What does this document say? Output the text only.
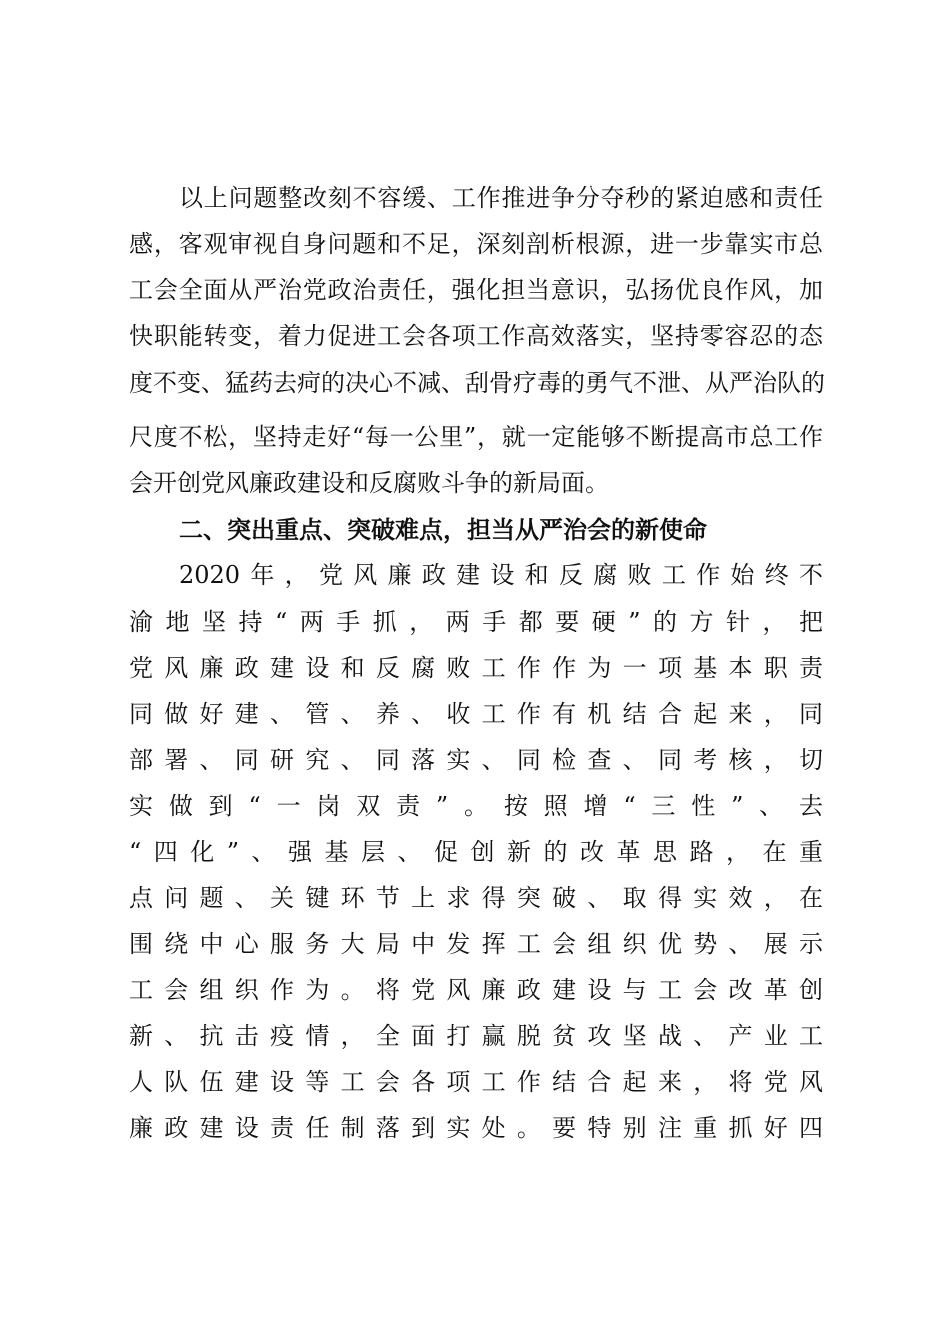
以上问题整改刻不容缓、工作推进争分夺秒的紧迫感和责任
感，客观审视自身问题和不足，深刻剖析根源，进一步靠实市总
工会全面从严治党政治责任，强化担当意识，弘扬优良作风，加
快职能转变，着力促进工会各项工作高效落实，坚持零容忍的态
度不变、猛药去疴的决心不减、刮骨疗毒的勇气不泄、从严治队的
尺度不松，坚持走好“每一公里”，就一定能够不断提高市总工作
会开创党风廉政建设和反腐败斗争的新局面。
二、突出重点、突破难点，担当从严治会的新使命
2020年，党风廉政建设和反腐败工作始终不
渝地坚持“两手抓，两手都要硬”的方针，把
党风廉政建设和反腐败工作作为一项基本职责
同做好建、管、养、收工作有机结合起来，同
部署、同研究、同落实、同检查、同考核，切
实做到“一岗双责”。按照增“三性”、去
“四化”、强基层、促创新的改革思路，在重
点问题、关键环节上求得突破、取得实效，在
围绕中心服务大局中发挥工会组织优势、展示
工会组织作为。将党风廉政建设与工会改革创
新、抗击疫情，全面打赢脱贫攻坚战、产业工
人队伍建设等工会各项工作结合起来，将党风
廉政建设责任制落到实处。要特别注重抓好四
